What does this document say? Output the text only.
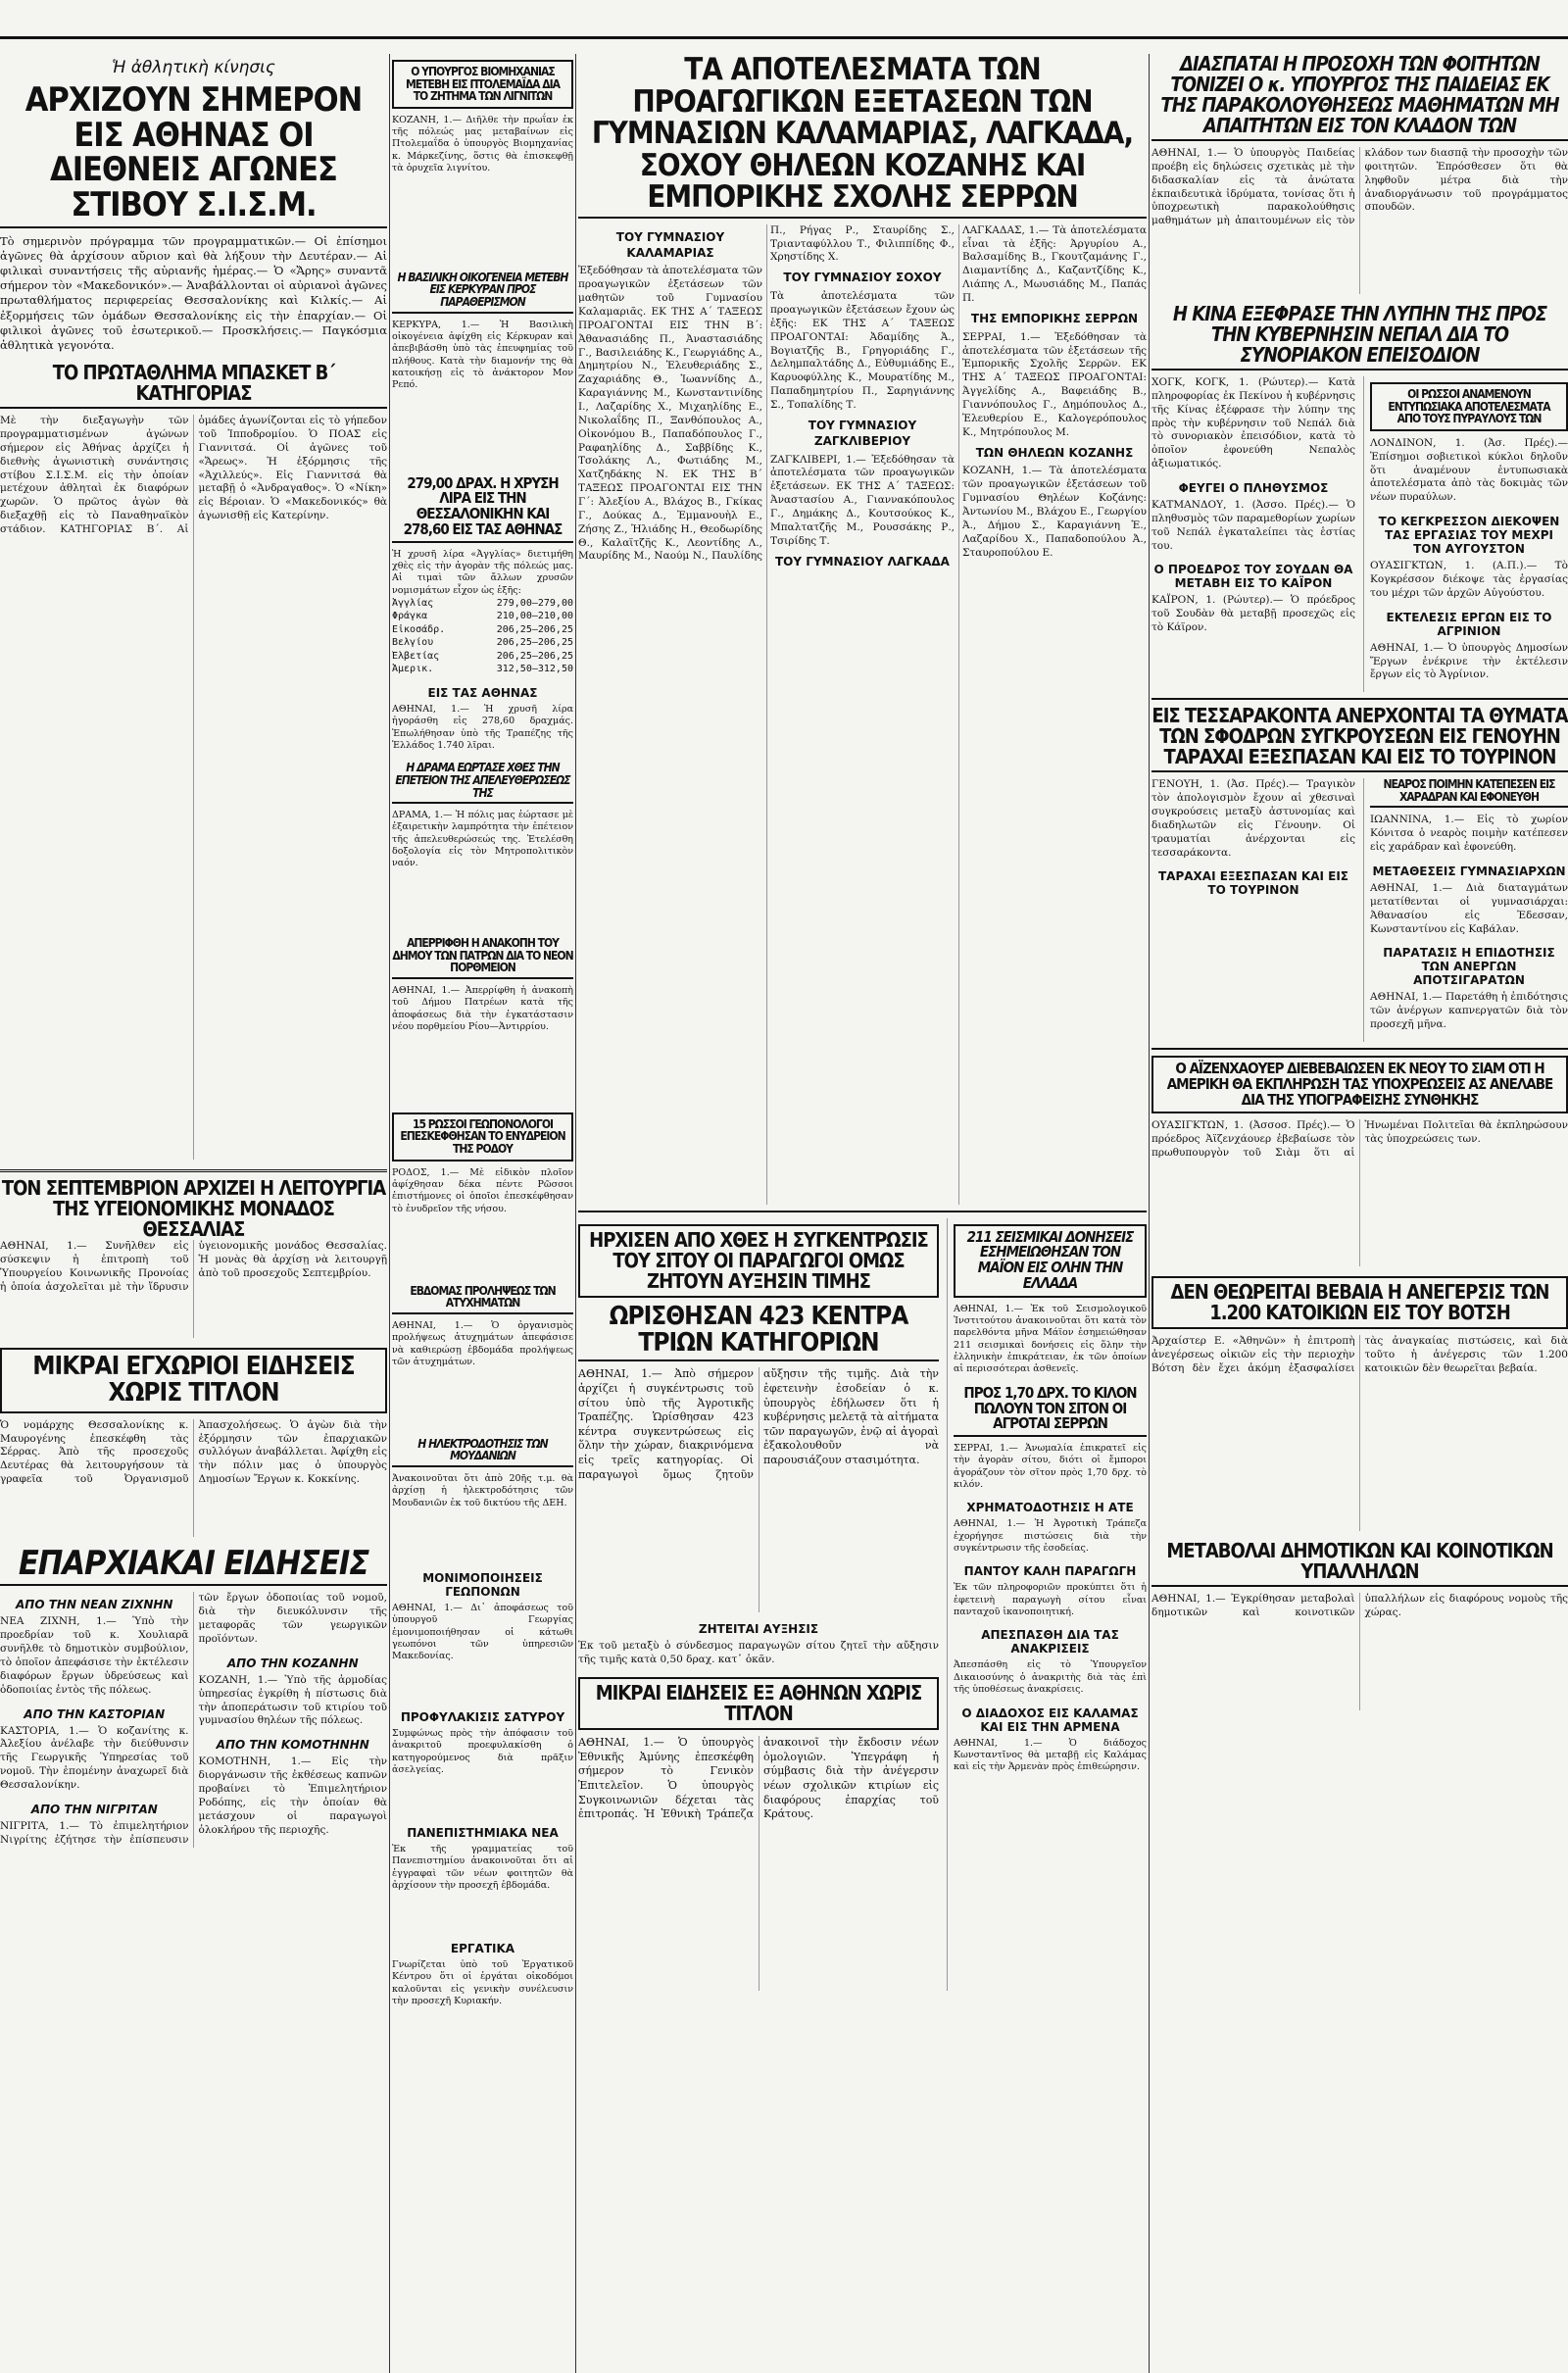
Ἡ ἀθλητικὴ κίνησις
ΑΡΧΙΖΟΥΝ ΣΗΜΕΡΟΝ ΕΙΣ ΑΘΗΝΑΣ ΟΙ ΔΙΕΘΝΕΙΣ ΑΓΩΝΕΣ ΣΤΙΒΟΥ Σ.Ι.Σ.Μ.
Τὸ σημερινὸν πρόγραμμα τῶν προγραμματικῶν.— Οἱ ἐπίσημοι ἀγῶνες θὰ ἀρχίσουν αὔριον καὶ θὰ λήξουν τὴν Δευτέραν.— Αἱ φιλικαὶ συναντήσεις τῆς αὐριανῆς ἡμέρας.— Ὁ «Ἄρης» συναντᾶ σήμερον τὸν «Μακεδονικόν».— Ἀναβάλλονται οἱ αὐριανοὶ ἀγῶνες πρωταθλήματος περιφερείας Θεσσαλονίκης καὶ Κιλκίς.— Αἱ ἐξορμήσεις τῶν ὁμάδων Θεσσαλονίκης εἰς τὴν ἐπαρχίαν.— Οἱ φιλικοὶ ἀγῶνες τοῦ ἐσωτερικοῦ.— Προσκλήσεις.— Παγκόσμια ἀθλητικὰ γεγονότα.
ΤΟ ΠΡΩΤΑΘΛΗΜΑ ΜΠΑΣΚΕΤ Β΄ ΚΑΤΗΓΟΡΙΑΣ
Μὲ τὴν διεξαγωγὴν τῶν προγραμματισμένων ἀγώνων σήμερον εἰς Ἀθήνας ἀρχίζει ἡ διεθνὴς ἀγωνιστικὴ συνάντησις στίβου Σ.Ι.Σ.Μ. εἰς τὴν ὁποίαν μετέχουν ἀθληταὶ ἐκ διαφόρων χωρῶν. Ὁ πρῶτος ἀγὼν θὰ διεξαχθῇ εἰς τὸ Παναθηναϊκὸν στάδιον. ΚΑΤΗΓΟΡΙΑΣ Β΄. Αἱ ὁμάδες ἀγωνίζονται εἰς τὸ γήπεδον τοῦ Ἰπποδρομίου. Ὁ ΠΟΑΣ εἰς Γιαννιτσά. Οἱ ἀγῶνες τοῦ «Ἄρεως». Ἡ ἐξόρμησις τῆς «Ἀχιλλεύς». Εἰς Γιαννιτσά θὰ μεταβῇ ὁ «Ἀνδραγαθος». Ὁ «Νίκη» εἰς Βέροιαν. Ὁ «Μακεδονικός» θὰ ἀγωνισθῇ εἰς Κατερίνην.
ΤΟΝ ΣΕΠΤΕΜΒΡΙΟΝ ΑΡΧΙΖΕΙ Η ΛΕΙΤΟΥΡΓΙΑ ΤΗΣ ΥΓΕΙΟΝΟΜΙΚΗΣ ΜΟΝΑΔΟΣ ΘΕΣΣΑΛΙΑΣ
ΑΘΗΝΑΙ, 1.— Συνῆλθεν εἰς σύσκεψιν ἡ ἐπιτροπὴ τοῦ Ὑπουργείου Κοινωνικῆς Προνοίας ἡ ὁποία ἀσχολεῖται μὲ τὴν ἵδρυσιν ὑγειονομικῆς μονάδος Θεσσαλίας. Ἡ μονὰς θὰ ἀρχίσῃ νὰ λειτουργῇ ἀπὸ τοῦ προσεχοῦς Σεπτεμβρίου.
ΜΙΚΡΑΙ ΕΓΧΩΡΙΟΙ ΕΙΔΗΣΕΙΣ ΧΩΡΙΣ ΤΙΤΛΟΝ
Ὁ νομάρχης Θεσσαλονίκης κ. Μαυρογένης ἐπεσκέφθη τὰς Σέρρας. Ἀπὸ τῆς προσεχοῦς Δευτέρας θὰ λειτουργήσουν τὰ γραφεῖα τοῦ Ὀργανισμοῦ Ἀπασχολήσεως. Ὁ ἀγὼν διὰ τὴν ἐξόρμησιν τῶν ἐπαρχιακῶν συλλόγων ἀναβάλλεται. Ἀφίχθη εἰς τὴν πόλιν μας ὁ ὑπουργὸς Δημοσίων Ἔργων κ. Κοκκίνης.
ΕΠΑΡΧΙΑΚΑΙ ΕΙΔΗΣΕΙΣ
ΑΠΟ ΤΗΝ ΝΕΑΝ ΖΙΧΝΗΝ
ΝΕΑ ΖΙΧΝΗ, 1.— Ὑπὸ τὴν προεδρίαν τοῦ κ. Χουλιαρᾶ συνῆλθε τὸ δημοτικὸν συμβούλιον, τὸ ὁποῖον ἀπεφάσισε τὴν ἐκτέλεσιν διαφόρων ἔργων ὑδρεύσεως καὶ ὁδοποιίας ἐντὸς τῆς πόλεως.
ΑΠΟ ΤΗΝ ΚΑΣΤΟΡΙΑΝ
ΚΑΣΤΟΡΙΑ, 1.— Ὁ κοζανίτης κ. Ἀλεξίου ἀνέλαβε τὴν διεύθυνσιν τῆς Γεωργικῆς Ὑπηρεσίας τοῦ νομοῦ. Τὴν ἑπομένην ἀναχωρεῖ διὰ Θεσσαλονίκην.
ΑΠΟ ΤΗΝ ΝΙΓΡΙΤΑΝ
ΝΙΓΡΙΤΑ, 1.— Τὸ ἐπιμελητήριον Νιγρίτης ἐζήτησε τὴν ἐπίσπευσιν τῶν ἔργων ὀδοποιίας τοῦ νομοῦ, διὰ τὴν διευκόλυνσιν τῆς μεταφορᾶς τῶν γεωργικῶν προϊόντων.
ΑΠΟ ΤΗΝ ΚΟΖΑΝΗΝ
ΚΟΖΑΝΗ, 1.— Ὑπὸ τῆς ἀρμοδίας ὑπηρεσίας ἐγκρίθη ἡ πίστωσις διὰ τὴν ἀποπεράτωσιν τοῦ κτιρίου τοῦ γυμνασίου θηλέων τῆς πόλεως.
ΑΠΟ ΤΗΝ ΚΟΜΟΤΗΝΗΝ
ΚΟΜΟΤΗΝΗ, 1.— Εἰς τὴν διοργάνωσιν τῆς ἐκθέσεως καπνῶν προβαίνει τὸ Ἐπιμελητήριον Ροδόπης, εἰς τὴν ὁποίαν θὰ μετάσχουν οἱ παραγωγοὶ ὁλοκλήρου τῆς περιοχῆς.
Ο ΥΠΟΥΡΓΟΣ ΒΙΟΜΗΧΑΝΙΑΣ ΜΕΤΕΒΗ ΕΙΣ ΠΤΟΛΕΜΑΪΔΑ ΔΙΑ ΤΟ ΖΗΤΗΜΑ ΤΩΝ ΛΙΓΝΙΤΩΝ
ΚΟΖΑΝΗ, 1.— Διῆλθε τὴν πρωΐαν ἐκ τῆς πόλεώς μας μεταβαίνων εἰς Πτολεμαΐδα ὁ ὑπουργὸς Βιομηχανίας κ. Μάρκεζίνης, ὅστις θὰ ἐπισκεφθῇ τὰ ὀρυχεῖα λιγνίτου.
Η ΒΑΣΙΛΙΚΗ ΟΙΚΟΓΕΝΕΙΑ ΜΕΤΕΒΗ ΕΙΣ ΚΕΡΚΥΡΑΝ ΠΡΟΣ ΠΑΡΑΘΕΡΙΣΜΟΝ
ΚΕΡΚΥΡΑ, 1.— Ἡ Βασιλικὴ οἰκογένεια ἀφίχθη εἰς Κέρκυραν καὶ ἀπεβιβάσθη ὑπὸ τὰς ἐπευφημίας τοῦ πλήθους. Κατὰ τὴν διαμονήν της θὰ κατοικήσῃ εἰς τὸ ἀνάκτορον Μον Ρεπό.
279,00 ΔΡΑΧ. Η ΧΡΥΣΗ ΛΙΡΑ ΕΙΣ ΤΗΝ ΘΕΣΣΑΛΟΝΙΚΗΝ ΚΑΙ 278,60 ΕΙΣ ΤΑΣ ΑΘΗΝΑΣ
Ἡ χρυσῆ λίρα «Ἀγγλίας» διετιμήθη χθὲς εἰς τὴν ἀγορὰν τῆς πόλεώς μας. Αἱ τιμαὶ τῶν ἄλλων χρυσῶν νομισμάτων εἶχον ὡς ἑξῆς:
Ἀγγλίας	279,00—279,00
Φράγκα	210,00—210,00
Εἰκοσάδρ.	206,25—206,25
Βελγίου	206,25—206,25
Ἑλβετίας	206,25—206,25
Ἀμερικ.	312,50—312,50
ΕΙΣ ΤΑΣ ΑΘΗΝΑΣ
ΑΘΗΝΑΙ, 1.— Ἡ χρυσῆ λίρα ἠγοράσθη εἰς 278,60 δραχμάς. Ἐπωλήθησαν ὑπὸ τῆς Τραπέζης τῆς Ἑλλάδος 1.740 λῖραι.
Η ΔΡΑΜΑ ΕΩΡΤΑΣΕ ΧΘΕΣ ΤΗΝ ΕΠΕΤΕΙΟΝ ΤΗΣ ΑΠΕΛΕΥΘΕΡΩΣΕΩΣ ΤΗΣ
ΔΡΑΜΑ, 1.— Ἡ πόλις μας ἑώρτασε μὲ ἐξαιρετικὴν λαμπρότητα τὴν ἐπέτειον τῆς ἀπελευθερώσεώς της. Ἐτελέσθη δοξολογία εἰς τὸν Μητροπολιτικὸν ναόν.
ΑΠΕΡΡΙΦΘΗ Η ΑΝΑΚΟΠΗ ΤΟΥ ΔΗΜΟΥ ΤΩΝ ΠΑΤΡΩΝ ΔΙΑ ΤΟ ΝΕΟΝ ΠΟΡΘΜΕΙΟΝ
ΑΘΗΝΑΙ, 1.— Ἀπερρίφθη ἡ ἀνακοπὴ τοῦ Δήμου Πατρέων κατὰ τῆς ἀποφάσεως διὰ τὴν ἐγκατάστασιν νέου πορθμείου Ρίου—Ἀντιρρίου.
15 ΡΩΣΣΟΙ ΓΕΩΠΟΝΟΛΟΓΟΙ ΕΠΕΣΚΕΦΘΗΣΑΝ ΤΟ ΕΝΥΔΡΕΙΟΝ ΤΗΣ ΡΟΔΟΥ
ΡΟΔΟΣ, 1.— Μὲ εἰδικὸν πλοῖον ἀφίχθησαν δέκα πέντε Ρῶσσοι ἐπιστήμονες οἱ ὁποῖοι ἐπεσκέφθησαν τὸ ἐνυδρεῖον τῆς νήσου.
ΕΒΔΟΜΑΣ ΠΡΟΛΗΨΕΩΣ ΤΩΝ ΑΤΥΧΗΜΑΤΩΝ
ΑΘΗΝΑΙ, 1.— Ὁ ὀργανισμὸς προλήψεως ἀτυχημάτων ἀπεφάσισε νὰ καθιερώσῃ ἑβδομάδα προλήψεως τῶν ἀτυχημάτων.
Η ΗΛΕΚΤΡΟΔΟΤΗΣΙΣ ΤΩΝ ΜΟΥΔΑΝΙΩΝ
Ἀνακοινοῦται ὅτι ἀπὸ 20ῆς τ.μ. θὰ ἀρχίσῃ ἡ ἠλεκτροδότησις τῶν Μουδανιῶν ἐκ τοῦ δικτύου τῆς ΔΕΗ.
ΜΟΝΙΜΟΠΟΙΗΣΕΙΣ ΓΕΩΠΟΝΩΝ
ΑΘΗΝΑΙ, 1.— Δι᾽ ἀποφάσεως τοῦ ὑπουργοῦ Γεωργίας ἐμονιμοποιήθησαν οἱ κάτωθι γεωπόνοι τῶν ὑπηρεσιῶν Μακεδονίας.
ΠΡΟΦΥΛΑΚΙΣΙΣ ΣΑΤΥΡΟΥ
Συμφώνως πρὸς τὴν ἀπόφασιν τοῦ ἀνακριτοῦ προεφυλακίσθη ὁ κατηγορούμενος διὰ πρᾶξιν ἀσελγείας.
ΠΑΝΕΠΙΣΤΗΜΙΑΚΑ ΝΕΑ
Ἐκ τῆς γραμματείας τοῦ Πανεπιστημίου ἀνακοινοῦται ὅτι αἱ ἐγγραφαὶ τῶν νέων φοιτητῶν θὰ ἀρχίσουν τὴν προσεχῆ ἑβδομάδα.
ΕΡΓΑΤΙΚΑ
Γνωρίζεται ὑπὸ τοῦ Ἐργατικοῦ Κέντρου ὅτι οἱ ἐργάται οἰκοδόμοι καλοῦνται εἰς γενικὴν συνέλευσιν τὴν προσεχῆ Κυριακήν.
ΤΑ ΑΠΟΤΕΛΕΣΜΑΤΑ ΤΩΝ ΠΡΟΑΓΩΓΙΚΩΝ ΕΞΕΤΑΣΕΩΝ ΤΩΝ ΓΥΜΝΑΣΙΩΝ ΚΑΛΑΜΑΡΙΑΣ, ΛΑΓΚΑΔΑ, ΣΟΧΟΥ ΘΗΛΕΩΝ ΚΟΖΑΝΗΣ ΚΑΙ ΕΜΠΟΡΙΚΗΣ ΣΧΟΛΗΣ ΣΕΡΡΩΝ
ΤΟΥ ΓΥΜΝΑΣΙΟΥ ΚΑΛΑΜΑΡΙΑΣ
Ἐξεδόθησαν τὰ ἀποτελέσματα τῶν προαγωγικῶν ἐξετάσεων τῶν μαθητῶν τοῦ Γυμνασίου Καλαμαριᾶς. ΕΚ ΤΗΣ Α΄ ΤΑΞΕΩΣ ΠΡΟΑΓΟΝΤΑΙ ΕΙΣ ΤΗΝ Β΄: Ἀθανασιάδης Π., Ἀναστασιάδης Γ., Βασιλειάδης Κ., Γεωργιάδης Α., Δημητρίου Ν., Ἐλευθεριάδης Σ., Ζαχαριάδης Θ., Ἰωαννίδης Δ., Καραγιάννης Μ., Κωνσταντινίδης Ι., Λαζαρίδης Χ., Μιχαηλίδης Ε., Νικολαΐδης Π., Ξανθόπουλος Α., Οἰκονόμου Β., Παπαδόπουλος Γ., Ραφαηλίδης Δ., Σαββίδης Κ., Τσολάκης Λ., Φωτιάδης Μ., Χατζηδάκης Ν. ΕΚ ΤΗΣ Β΄ ΤΑΞΕΩΣ ΠΡΟΑΓΟΝΤΑΙ ΕΙΣ ΤΗΝ Γ΄: Ἀλεξίου Α., Βλάχος Β., Γκίκας Γ., Δούκας Δ., Ἐμμανουὴλ Ε., Ζήσης Ζ., Ἠλιάδης Η., Θεοδωρίδης Θ., Καλαϊτζῆς Κ., Λεοντίδης Λ., Μαυρίδης Μ., Ναούμ Ν., Παυλίδης Π., Ρήγας Ρ., Σταυρίδης Σ., Τριανταφύλλου Τ., Φιλιππίδης Φ., Χρηστίδης Χ.
ΤΟΥ ΓΥΜΝΑΣΙΟΥ ΣΟΧΟΥ
Τὰ ἀποτελέσματα τῶν προαγωγικῶν ἐξετάσεων ἔχουν ὡς ἑξῆς: ΕΚ ΤΗΣ Α΄ ΤΑΞΕΩΣ ΠΡΟΑΓΟΝΤΑΙ: Ἀδαμίδης Ἀ., Βογιατζῆς Β., Γρηγοριάδης Γ., Δελημπαλτάδης Δ., Εὐθυμιάδης Ε., Καρυοφύλλης Κ., Μουρατίδης Μ., Παπαδημητρίου Π., Σαρηγιάννης Σ., Τοπαλίδης Τ.
ΤΟΥ ΓΥΜΝΑΣΙΟΥ ΖΑΓΚΛΙΒΕΡΙΟΥ
ΖΑΓΚΛΙΒΕΡΙ, 1.— Ἐξεδόθησαν τὰ ἀποτελέσματα τῶν προαγωγικῶν ἐξετάσεων. ΕΚ ΤΗΣ Α΄ ΤΑΞΕΩΣ: Ἀναστασίου Α., Γιαννακόπουλος Γ., Δημάκης Δ., Κουτσούκος Κ., Μπαλτατζῆς Μ., Ρουσσάκης Ρ., Τσιρίδης Τ.
ΤΟΥ ΓΥΜΝΑΣΙΟΥ ΛΑΓΚΑΔΑ
ΛΑΓΚΑΔΑΣ, 1.— Τὰ ἀποτελέσματα εἶναι τὰ ἑξῆς: Ἀργυρίου Α., Βαλσαμίδης Β., Γκουτζαμάνης Γ., Διαμαντίδης Δ., Καζαντζίδης Κ., Λιάπης Λ., Μωυσιάδης Μ., Παπάς Π.
ΤΗΣ ΕΜΠΟΡΙΚΗΣ ΣΕΡΡΩΝ
ΣΕΡΡΑΙ, 1.— Ἐξεδόθησαν τὰ ἀποτελέσματα τῶν ἐξετάσεων τῆς Ἐμπορικῆς Σχολῆς Σερρῶν. ΕΚ ΤΗΣ Α΄ ΤΑΞΕΩΣ ΠΡΟΑΓΟΝΤΑΙ: Ἀγγελίδης Α., Βαφειάδης Β., Γιαννόπουλος Γ., Δημόπουλος Δ., Ἐλευθερίου Ε., Καλογερόπουλος Κ., Μητρόπουλος Μ.
ΤΩΝ ΘΗΛΕΩΝ ΚΟΖΑΝΗΣ
ΚΟΖΑΝΗ, 1.— Τὰ ἀποτελέσματα τῶν προαγωγικῶν ἐξετάσεων τοῦ Γυμνασίου Θηλέων Κοζάνης: Ἀντωνίου Μ., Βλάχου Ε., Γεωργίου Ἀ., Δήμου Σ., Καραγιάννη Ἑ., Λαζαρίδου Χ., Παπαδοπούλου Ἀ., Σταυροπούλου Ε.
ΗΡΧΙΣΕΝ ΑΠΟ ΧΘΕΣ Η ΣΥΓΚΕΝΤΡΩΣΙΣ ΤΟΥ ΣΙΤΟΥ ΟΙ ΠΑΡΑΓΩΓΟΙ ΟΜΩΣ ΖΗΤΟΥΝ ΑΥΞΗΣΙΝ ΤΙΜΗΣ
ΩΡΙΣΘΗΣΑΝ 423 ΚΕΝΤΡΑ ΤΡΙΩΝ ΚΑΤΗΓΟΡΙΩΝ
ΑΘΗΝΑΙ, 1.— Ἀπὸ σήμερον ἀρχίζει ἡ συγκέντρωσις τοῦ σίτου ὑπὸ τῆς Ἀγροτικῆς Τραπέζης. Ὡρίσθησαν 423 κέντρα συγκεντρώσεως εἰς ὅλην τὴν χώραν, διακρινόμενα εἰς τρεῖς κατηγορίας. Οἱ παραγωγοὶ ὅμως ζητοῦν αὔξησιν τῆς τιμῆς. Διὰ τὴν ἐφετεινὴν ἐσοδείαν ὁ κ. ὑπουργὸς ἐδήλωσεν ὅτι ἡ κυβέρνησις μελετᾷ τὰ αἰτήματα τῶν παραγωγῶν, ἐνῷ αἱ ἀγοραὶ ἐξακολουθοῦν νὰ παρουσιάζουν στασιμότητα.
ΖΗΤΕΙΤΑΙ ΑΥΞΗΣΙΣ
Ἐκ τοῦ μεταξὺ ὁ σύνδεσμος παραγωγῶν σίτου ζητεῖ τὴν αὔξησιν τῆς τιμῆς κατὰ 0,50 δραχ. κατ᾽ ὀκᾶν.
ΜΙΚΡΑΙ ΕΙΔΗΣΕΙΣ ΕΞ ΑΘΗΝΩΝ ΧΩΡΙΣ ΤΙΤΛΟΝ
ΑΘΗΝΑΙ, 1.— Ὁ ὑπουργὸς Ἐθνικῆς Ἀμύνης ἐπεσκέφθη σήμερον τὸ Γενικὸν Ἐπιτελεῖον. Ὁ ὑπουργὸς Συγκοινωνιῶν δέχεται τὰς ἐπιτροπάς. Ἡ Ἐθνικὴ Τράπεζα ἀνακοινοῖ τὴν ἔκδοσιν νέων ὁμολογιῶν. Ὑπεγράφη ἡ σύμβασις διὰ τὴν ἀνέγερσιν νέων σχολικῶν κτιρίων εἰς διαφόρους ἐπαρχίας τοῦ Κράτους.
211 ΣΕΙΣΜΙΚΑΙ ΔΟΝΗΣΕΙΣ ΕΣΗΜΕΙΩΘΗΣΑΝ ΤΟΝ ΜΑΪΟΝ ΕΙΣ ΟΛΗΝ ΤΗΝ ΕΛΛΑΔΑ
ΑΘΗΝΑΙ, 1.— Ἐκ τοῦ Σεισμολογικοῦ Ἰνστιτούτου ἀνακοινοῦται ὅτι κατὰ τὸν παρελθόντα μῆνα Μάϊον ἐσημειώθησαν 211 σεισμικαὶ δονήσεις εἰς ὅλην τὴν ἑλληνικὴν ἐπικράτειαν, ἐκ τῶν ὁποίων αἱ περισσότεραι ἀσθενεῖς.
ΠΡΟΣ 1,70 ΔΡΧ. ΤΟ ΚΙΛΟΝ ΠΩΛΟΥΝ ΤΟΝ ΣΙΤΟΝ ΟΙ ΑΓΡΟΤΑΙ ΣΕΡΡΩΝ
ΣΕΡΡΑΙ, 1.— Ἀνωμαλία ἐπικρατεῖ εἰς τὴν ἀγορὰν σίτου, διότι οἱ ἔμποροι ἀγοράζουν τὸν σῖτον πρὸς 1,70 δρχ. τὸ κιλόν.
ΧΡΗΜΑΤΟΔΟΤΗΣΙΣ Η ΑΤΕ
ΑΘΗΝΑΙ, 1.— Ἡ Ἀγροτικὴ Τράπεζα ἐχορήγησε πιστώσεις διὰ τὴν συγκέντρωσιν τῆς ἐσοδείας.
ΠΑΝΤΟΥ ΚΑΛΗ ΠΑΡΑΓΩΓΗ
Ἐκ τῶν πληροφοριῶν προκύπτει ὅτι ἡ ἐφετεινὴ παραγωγὴ σίτου εἶναι πανταχοῦ ἱκανοποιητική.
ΑΠΕΣΠΑΣΘΗ ΔΙΑ ΤΑΣ ΑΝΑΚΡΙΣΕΙΣ
Ἀπεσπάσθη εἰς τὸ Ὑπουργεῖον Δικαιοσύνης ὁ ἀνακριτὴς διὰ τὰς ἐπὶ τῆς ὑποθέσεως ἀνακρίσεις.
Ο ΔΙΑΔΟΧΟΣ ΕΙΣ ΚΑΛΑΜΑΣ ΚΑΙ ΕΙΣ ΤΗΝ ΑΡΜΕΝΑ
ΑΘΗΝΑΙ, 1.— Ὁ διάδοχος Κωνσταντῖνος θὰ μεταβῇ εἰς Καλάμας καὶ εἰς τὴν Ἀρμενὰν πρὸς ἐπιθεώρησιν.
ΔΙΑΣΠΑΤΑΙ Η ΠΡΟΣΟΧΗ ΤΩΝ ΦΟΙΤΗΤΩΝ ΤΟΝΙΖΕΙ Ο κ. ΥΠΟΥΡΓΟΣ ΤΗΣ ΠΑΙΔΕΙΑΣ ΕΚ ΤΗΣ ΠΑΡΑΚΟΛΟΥΘΗΣΕΩΣ ΜΑΘΗΜΑΤΩΝ ΜΗ ΑΠΑΙΤΗΤΩΝ ΕΙΣ ΤΟΝ ΚΛΑΔΟΝ ΤΩΝ
ΑΘΗΝΑΙ, 1.— Ὁ ὑπουργὸς Παιδείας προέβη εἰς δηλώσεις σχετικὰς μὲ τὴν διδασκαλίαν εἰς τὰ ἀνώτατα ἐκπαιδευτικὰ ἱδρύματα, τονίσας ὅτι ἡ ὑποχρεωτικὴ παρακολούθησις μαθημάτων μὴ ἀπαιτουμένων εἰς τὸν κλάδον των διασπᾷ τὴν προσοχὴν τῶν φοιτητῶν. Ἐπρόσθεσεν ὅτι θὰ ληφθοῦν μέτρα διὰ τὴν ἀναδιοργάνωσιν τοῦ προγράμματος σπουδῶν.
Η ΚΙΝΑ ΕΞΕΦΡΑΣΕ ΤΗΝ ΛΥΠΗΝ ΤΗΣ ΠΡΟΣ ΤΗΝ ΚΥΒΕΡΝΗΣΙΝ ΝΕΠΑΛ ΔΙΑ ΤΟ ΣΥΝΟΡΙΑΚΟΝ ΕΠΕΙΣΟΔΙΟΝ
ΧΟΓΚ, ΚΟΓΚ, 1. (Ρώυτερ).— Κατὰ πληροφορίας ἐκ Πεκίνου ἡ κυβέρνησις τῆς Κίνας ἐξέφρασε τὴν λύπην της πρὸς τὴν κυβέρνησιν τοῦ Νεπάλ διὰ τὸ συνοριακὸν ἐπεισόδιον, κατὰ τὸ ὁποῖον ἐφονεύθη Νεπαλὸς ἀξιωματικός.
ΦΕΥΓΕΙ Ο ΠΛΗΘΥΣΜΟΣ
ΚΑΤΜΑΝΔΟΥ, 1. (Ἀσσο. Πρές).— Ὁ πληθυσμὸς τῶν παραμεθορίων χωρίων τοῦ Νεπάλ ἐγκαταλείπει τὰς ἑστίας του.
Ο ΠΡΟΕΔΡΟΣ ΤΟΥ ΣΟΥΔΑΝ ΘΑ ΜΕΤΑΒΗ ΕΙΣ ΤΟ ΚΑΪΡΟΝ
ΚΑΪΡΟΝ, 1. (Ρώυτερ).— Ὁ πρόεδρος τοῦ Σουδὰν θὰ μεταβῇ προσεχῶς εἰς τὸ Κάϊρον.
ΟΙ ΡΩΣΣΟΙ ΑΝΑΜΕΝΟΥΝ ΕΝΤΥΠΩΣΙΑΚΑ ΑΠΟΤΕΛΕΣΜΑΤΑ ΑΠΟ ΤΟΥΣ ΠΥΡΑΥΛΟΥΣ ΤΩΝ
ΛΟΝΔΙΝΟΝ, 1. (Ἀσ. Πρές).— Ἐπίσημοι σοβιετικοὶ κύκλοι δηλοῦν ὅτι ἀναμένουν ἐντυπωσιακὰ ἀποτελέσματα ἀπὸ τὰς δοκιμὰς τῶν νέων πυραύλων.
ΤΟ ΚΕΓΚΡΕΣΣΟΝ ΔΙΕΚΟΨΕΝ ΤΑΣ ΕΡΓΑΣΙΑΣ ΤΟΥ ΜΕΧΡΙ ΤΟΝ ΑΥΓΟΥΣΤΟΝ
ΟΥΑΣΙΓΚΤΩΝ, 1. (Α.Π.).— Τὸ Κογκρέσσον διέκοψε τὰς ἐργασίας του μέχρι τῶν ἀρχῶν Αὐγούστου.
ΕΚΤΕΛΕΣΙΣ ΕΡΓΩΝ ΕΙΣ ΤΟ ΑΓΡΙΝΙΟΝ
ΑΘΗΝΑΙ, 1.— Ὁ ὑπουργὸς Δημοσίων Ἔργων ἐνέκρινε τὴν ἐκτέλεσιν ἔργων εἰς τὸ Ἀγρίνιον.
ΕΙΣ ΤΕΣΣΑΡΑΚΟΝΤΑ ΑΝΕΡΧΟΝΤΑΙ ΤΑ ΘΥΜΑΤΑ ΤΩΝ ΣΦΟΔΡΩΝ ΣΥΓΚΡΟΥΣΕΩΝ ΕΙΣ ΓΕΝΟΥΗΝ
ΤΑΡΑΧΑΙ ΕΞΕΣΠΑΣΑΝ ΚΑΙ ΕΙΣ ΤΟ ΤΟΥΡΙΝΟΝ
ΓΕΝΟΥΗ, 1. (Ἀσ. Πρές).— Τραγικὸν τὸν ἀπολογισμὸν ἔχουν αἱ χθεσιναὶ συγκρούσεις μεταξὺ ἀστυνομίας καὶ διαδηλωτῶν εἰς Γένουην. Οἱ τραυματίαι ἀνέρχονται εἰς τεσσαράκοντα.
ΤΑΡΑΧΑΙ ΕΞΕΣΠΑΣΑΝ ΚΑΙ ΕΙΣ ΤΟ ΤΟΥΡΙΝΟΝ
ΝΕΑΡΟΣ ΠΟΙΜΗΝ ΚΑΤΕΠΕΣΕΝ ΕΙΣ ΧΑΡΑΔΡΑΝ ΚΑΙ ΕΦΟΝΕΥΘΗ
ΙΩΑΝΝΙΝΑ, 1.— Εἰς τὸ χωρίον Κόνιτσα ὁ νεαρὸς ποιμὴν κατέπεσεν εἰς χαράδραν καὶ ἐφονεύθη.
ΜΕΤΑΘΕΣΕΙΣ ΓΥΜΝΑΣΙΑΡΧΩΝ
ΑΘΗΝΑΙ, 1.— Διὰ διαταγμάτων μετατίθενται οἱ γυμνασιάρχαι: Ἀθανασίου εἰς Ἐδεσσαν, Κωνσταντίνου εἰς Καβάλαν.
ΠΑΡΑΤΑΣΙΣ Η ΕΠΙΔΟΤΗΣΙΣ ΤΩΝ ΑΝΕΡΓΩΝ ΑΠΟΤΣΙΓΑΡΑΤΩΝ
ΑΘΗΝΑΙ, 1.— Παρετάθη ἡ ἐπιδότησις τῶν ἀνέργων καπνεργατῶν διὰ τὸν προσεχῆ μῆνα.
Ο ΑΪΖΕΝΧΑΟΥΕΡ ΔΙΕΒΕΒΑΙΩΣΕΝ ΕΚ ΝΕΟΥ ΤΟ ΣΙΑΜ ΟΤΙ Η ΑΜΕΡΙΚΗ ΘΑ ΕΚΠΛΗΡΩΣΗ ΤΑΣ ΥΠΟΧΡΕΩΣΕΙΣ ΑΣ ΑΝΕΛΑΒΕ ΔΙΑ ΤΗΣ ΥΠΟΓΡΑΦΕΙΣΗΣ ΣΥΝΘΗΚΗΣ
ΟΥΑΣΙΓΚΤΩΝ, 1. (Ἀσσοσ. Πρές).— Ὁ πρόεδρος Ἀϊζενχάουερ ἐβεβαίωσε τὸν πρωθυπουργὸν τοῦ Σιὰμ ὅτι αἱ Ἡνωμέναι Πολιτεῖαι θὰ ἐκπληρώσουν τὰς ὑποχρεώσεις των.
ΔΕΝ ΘΕΩΡΕΙΤΑΙ ΒΕΒΑΙΑ Η ΑΝΕΓΕΡΣΙΣ ΤΩΝ 1.200 ΚΑΤΟΙΚΙΩΝ ΕΙΣ ΤΟΥ ΒΟΤΣΗ
Ἀρχαίστερ Ε. «Ἀθηνῶν» ἡ ἐπιτροπὴ ἀνεγέρσεως οἰκιῶν εἰς τὴν περιοχὴν Βότση δὲν ἔχει ἀκόμη ἐξασφαλίσει τὰς ἀναγκαίας πιστώσεις, καὶ διὰ τοῦτο ἡ ἀνέγερσις τῶν 1.200 κατοικιῶν δὲν θεωρεῖται βεβαία.
ΜΕΤΑΒΟΛΑΙ ΔΗΜΟΤΙΚΩΝ ΚΑΙ ΚΟΙΝΟΤΙΚΩΝ ΥΠΑΛΛΗΛΩΝ
ΑΘΗΝΑΙ, 1.— Ἐγκρίθησαν μεταβολαὶ δημοτικῶν καὶ κοινοτικῶν ὑπαλλήλων εἰς διαφόρους νομοὺς τῆς χώρας.
